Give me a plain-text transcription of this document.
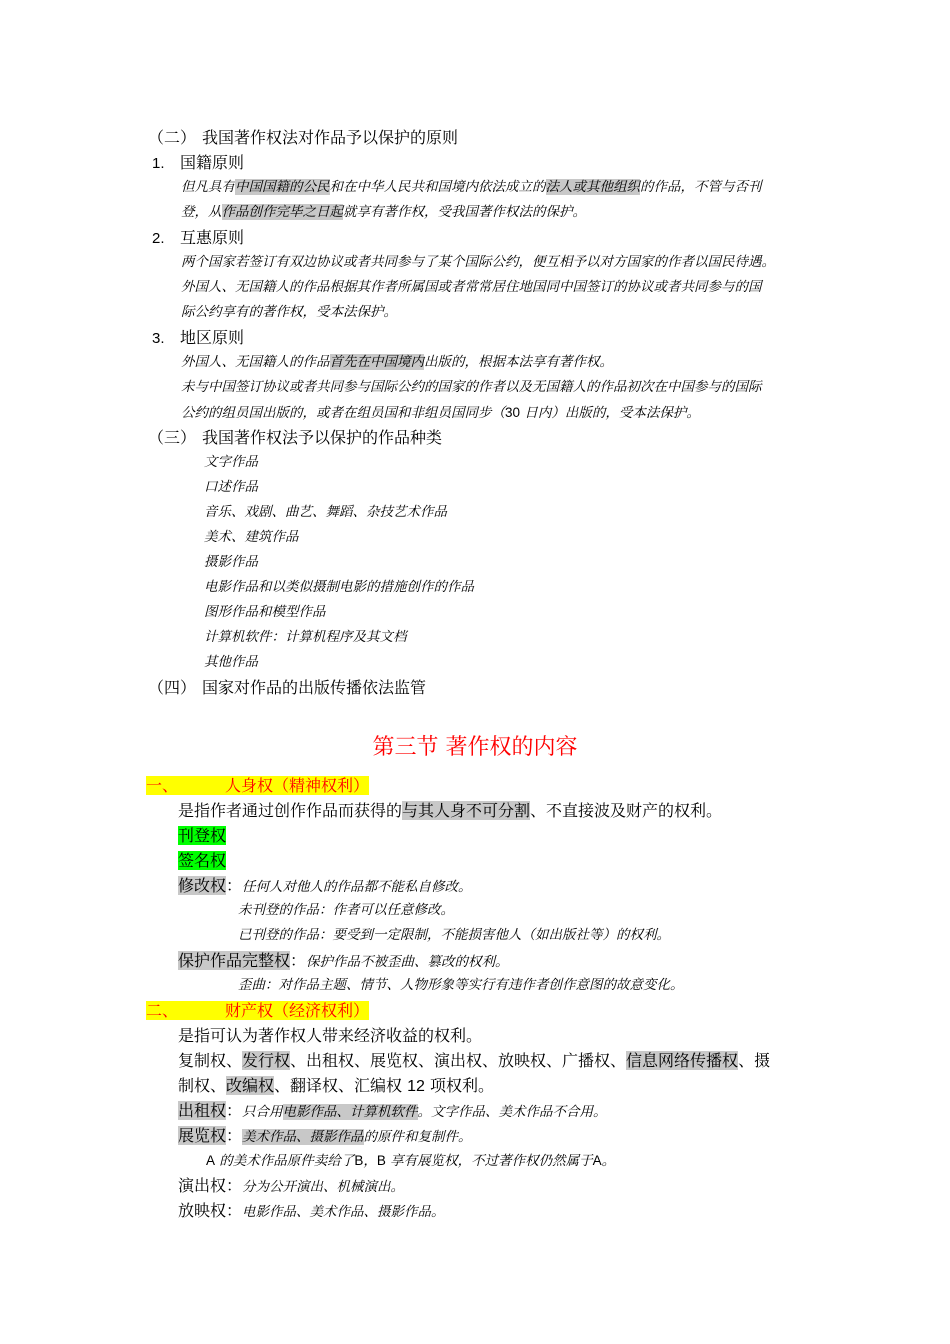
（二） 我国著作权法对作品予以保护的原则
1. 国籍原则
但凡具有中国国籍的公民和在中华人民共和国境内依法成立的法人或其他组织的作品，不管与否刊
登，从作品创作完毕之日起就享有著作权，受我国著作权法的保护。
2. 互惠原则
两个国家若签订有双边协议或者共同参与了某个国际公约，便互相予以对方国家的作者以国民待遇。
外国人、无国籍人的作品根据其作者所属国或者常常居住地国同中国签订的协议或者共同参与的国
际公约享有的著作权，受本法保护。
3. 地区原则
外国人、无国籍人的作品首先在中国境内出版的，根据本法享有著作权。
未与中国签订协议或者共同参与国际公约的国家的作者以及无国籍人的作品初次在中国参与的国际
公约的组员国出版的，或者在组员国和非组员国同步（30 日内）出版的，受本法保护。
（三） 我国著作权法予以保护的作品种类
文字作品
口述作品
音乐、戏剧、曲艺、舞蹈、杂技艺术作品
美术、建筑作品
摄影作品
电影作品和以类似摄制电影的措施创作的作品
图形作品和模型作品
计算机软件：计算机程序及其文档
其他作品
（四） 国家对作品的出版传播依法监管
第三节 著作权的内容
一、	人身权（精神权利）
是指作者通过创作作品而获得的与其人身不可分割、不直接波及财产的权利。
刊登权
签名权
修改权：任何人对他人的作品都不能私自修改。
未刊登的作品：作者可以任意修改。
已刊登的作品：要受到一定限制，不能损害他人（如出版社等）的权利。
保护作品完整权：保护作品不被歪曲、篡改的权利。
歪曲：对作品主题、情节、人物形象等实行有违作者创作意图的故意变化。
二、	财产权（经济权利）
是指可认为著作权人带来经济收益的权利。
复制权、发行权、出租权、展览权、演出权、放映权、广播权、信息网络传播权、摄
制权、改编权、翻译权、汇编权 12 项权利。
出租权：只合用电影作品、计算机软件。文字作品、美术作品不合用。
展览权：美术作品、摄影作品的原件和复制件。
A 的美术作品原件卖给了B，B 享有展览权，不过著作权仍然属于A。
演出权：分为公开演出、机械演出。
放映权：电影作品、美术作品、摄影作品。
